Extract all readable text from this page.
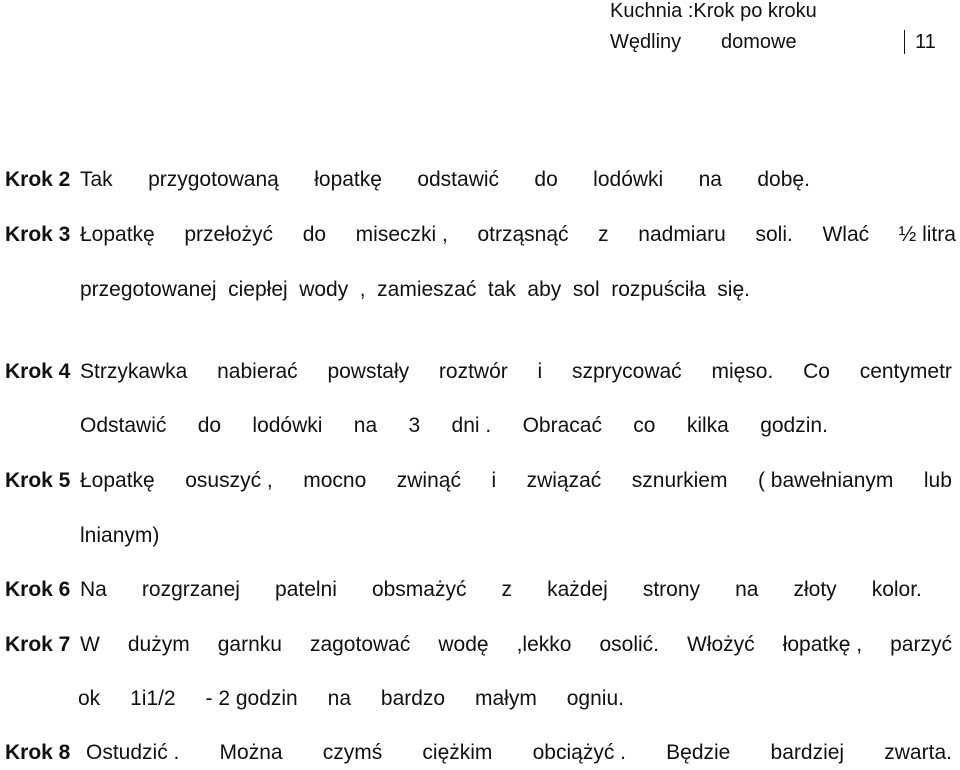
Kuchnia :Krok po kroku
Wędliny domowe	11
Krok 2 Tak przygotowaną łopatkę odstawić do lodówki na dobę.
Krok 3 Łopatkę przełożyć do miseczki , otrząsnąć z nadmiaru soli. Wlać ½ litra
przegotowanej ciepłej wody , zamieszać tak aby sol rozpuściła się.
Krok 4 Strzykawka nabierać powstały roztwór i szprycować mięso. Co centymetr
Odstawić do lodówki na 3 dni . Obracać co kilka godzin.
Krok 5 Łopatkę osuszyć , mocno zwinąć i związać sznurkiem ( bawełnianym lub
lnianym)
Krok 6 Na rozgrzanej patelni obsmażyć z każdej strony na złoty kolor.
Krok 7 W dużym garnku zagotować wodę ,lekko osolić. Włożyć łopatkę , parzyć
ok 1i1/2 - 2 godzin na bardzo małym ogniu.
Krok 8 Ostudzić . Można czymś ciężkim obciążyć . Będzie bardziej zwarta.
